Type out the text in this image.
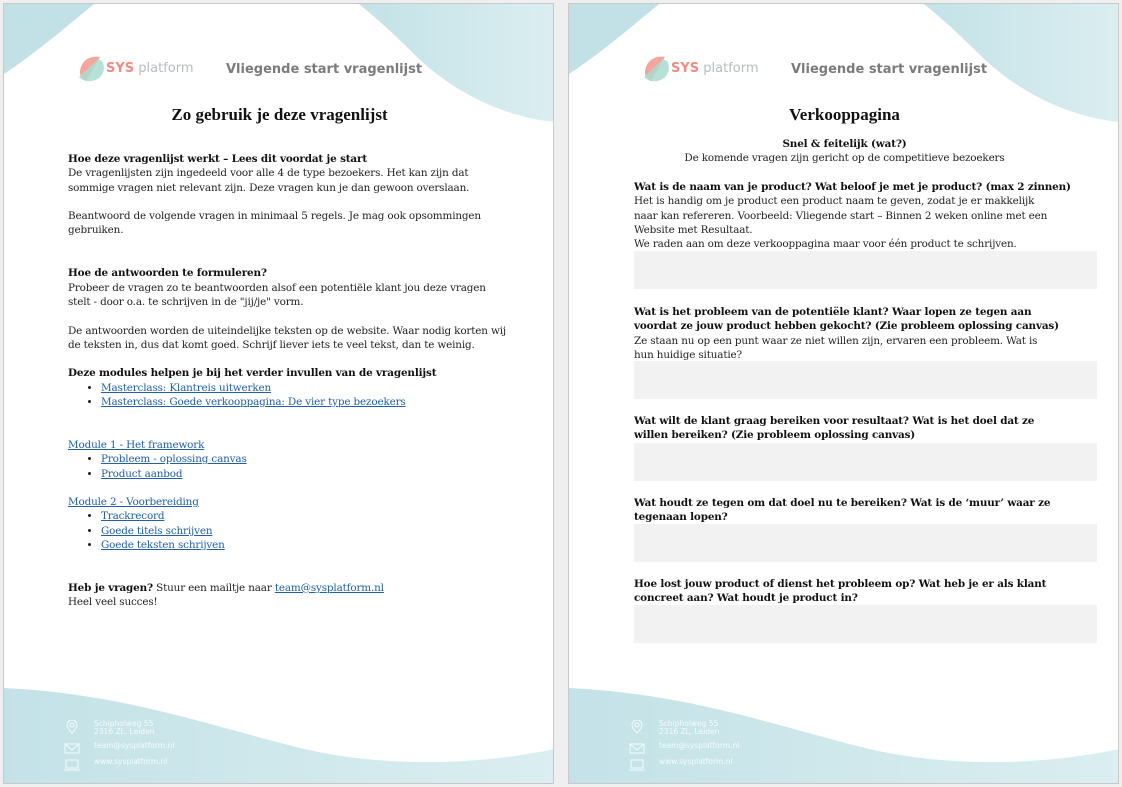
SYS platform Vliegende start vragenlijst
Zo gebruik je deze vragenlijst

Hoe deze vragenlijst werkt – Lees dit voordat je start

De vragenlijsten zijn ingedeeld voor alle 4 de type bezoekers. Het kan zijn dat sommige vragen niet relevant zijn. Deze vragen kun je dan gewoon overslaan.

Beantwoord de volgende vragen in minimaal 5 regels. Je mag ook opsommingen gebruiken.

Hoe de antwoorden te formuleren?

Probeer de vragen zo te beantwoorden alsof een potentiële klant jou deze vragen stelt - door o.a. te schrijven in de "jij/je" vorm.

De antwoorden worden de uiteindelijke teksten op de website. Waar nodig korten wij de teksten in, dus dat komt goed. Schrijf liever iets te veel tekst, dan te weinig.

Deze modules helpen je bij het verder invullen van de vragenlijst

• Masterclass: Klantreis uitwerken
• Masterclass: Goede verkooppagina: De vier type bezoekers

Module 1 - Het framework

• Probleem - oplossing canvas
• Product aanbod

Module 2 - Voorbereiding

• Trackrecord
• Goede titels schrijven
• Goede teksten schrijven

Heb je vragen? Stuur een mailtje naar team@sysplatform.nl

Heel veel succes!

Schipholweg 55
2316 ZL, Leiden
team@sysplatform.nl
www.sysplatform.nl
SYS platform Vliegende start vragenlijst
Verkooppagina

Snel & feitelijk (wat?)

De komende vragen zijn gericht op de competitieve bezoekers

Wat is de naam van je product? Wat beloof je met je product? (max 2 zinnen)

Het is handig om je product een product naam te geven, zodat je er makkelijk naar kan refereren. Voorbeeld: Vliegende start – Binnen 2 weken online met een Website met Resultaat.

We raden aan om deze verkooppagina maar voor één product te schrijven.

Wat is het probleem van de potentiële klant? Waar lopen ze tegen aan voordat ze jouw product hebben gekocht? (Zie probleem oplossing canvas)

Ze staan nu op een punt waar ze niet willen zijn, ervaren een probleem. Wat is hun huidige situatie?

Wat wilt de klant graag bereiken voor resultaat? Wat is het doel dat ze willen bereiken? (Zie probleem oplossing canvas)

Wat houdt ze tegen om dat doel nu te bereiken? Wat is de ‘muur’ waar ze tegenaan lopen?

Hoe lost jouw product of dienst het probleem op? Wat heb je er als klant concreet aan? Wat houdt je product in?

Schipholweg 55
2316 ZL, Leiden
team@sysplatform.nl
www.sysplatform.nl
